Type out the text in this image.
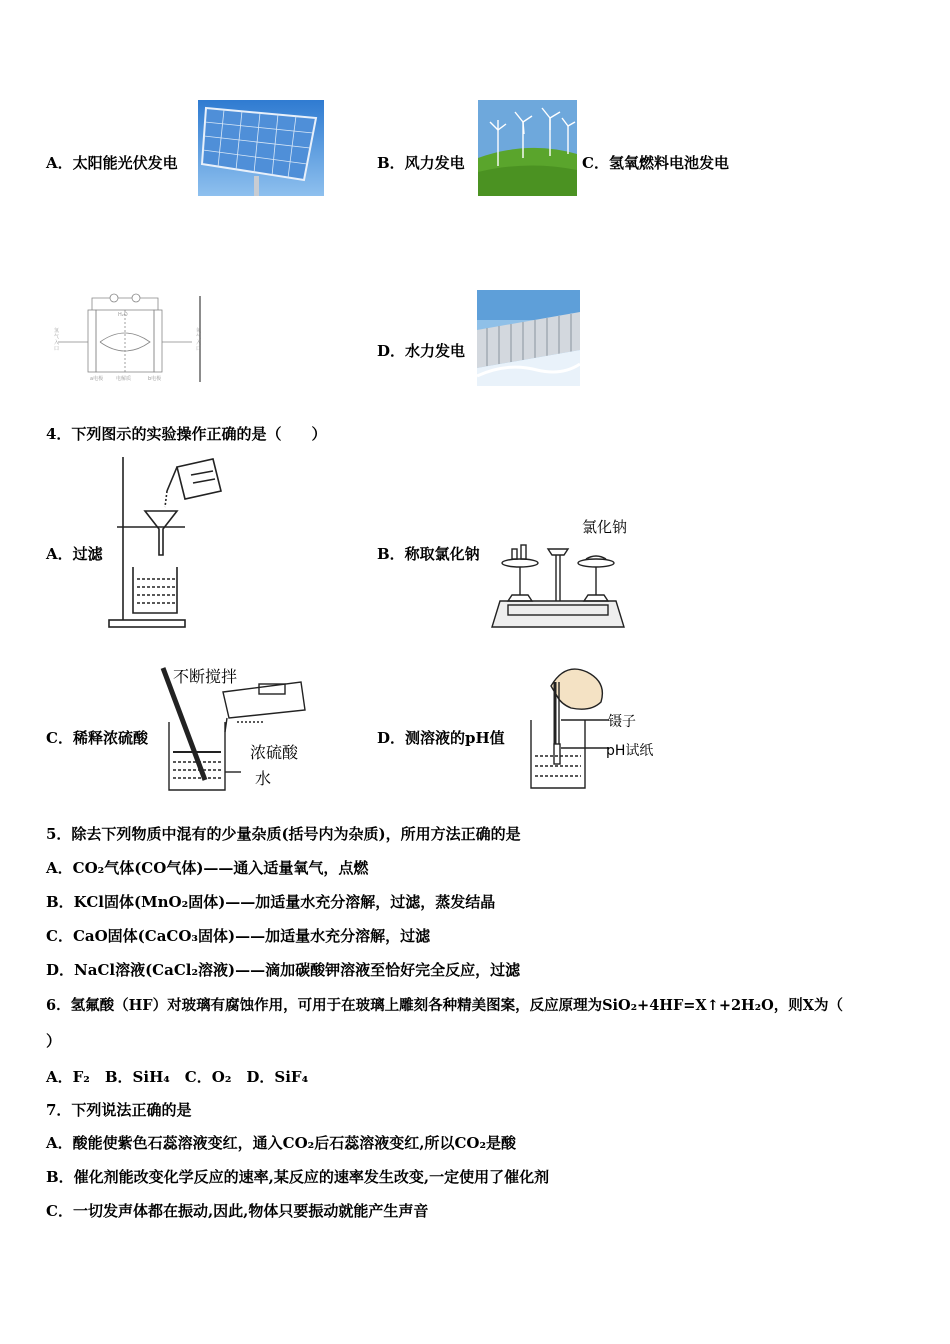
A．太阳能光伏发电	B．风力发电	C．氢氧燃料电池发电
氢
气
入
口
氧
气
入
口
H₂O
a电极	电解质	b电极
D．水力发电
4．下列图示的实验操作正确的是（　　）
A．过滤	B．称取氯化钠
氯化钠
C．稀释浓硫酸
不断搅拌
浓硫酸
水
D．测溶液的pH值
镊子
pH试纸
5．除去下列物质中混有的少量杂质(括号内为杂质)，所用方法正确的是
A．CO₂气体(CO气体)——通入适量氧气，点燃
B．KCl固体(MnO₂固体)——加适量水充分溶解，过滤，蒸发结晶
C．CaO固体(CaCO₃固体)——加适量水充分溶解，过滤
D．NaCl溶液(CaCl₂溶液)——滴加碳酸钾溶液至恰好完全反应，过滤
6．氢氟酸（HF）对玻璃有腐蚀作用，可用于在玻璃上雕刻各种精美图案，反应原理为SiO₂+4HF=X↑+2H₂O，则X为（
）
A．F₂　B．SiH₄　C．O₂　D．SiF₄
7．下列说法正确的是
A．酸能使紫色石蕊溶液变红，通入CO₂后石蕊溶液变红,所以CO₂是酸
B．催化剂能改变化学反应的速率,某反应的速率发生改变,一定使用了催化剂
C．一切发声体都在振动,因此,物体只要振动就能产生声音
